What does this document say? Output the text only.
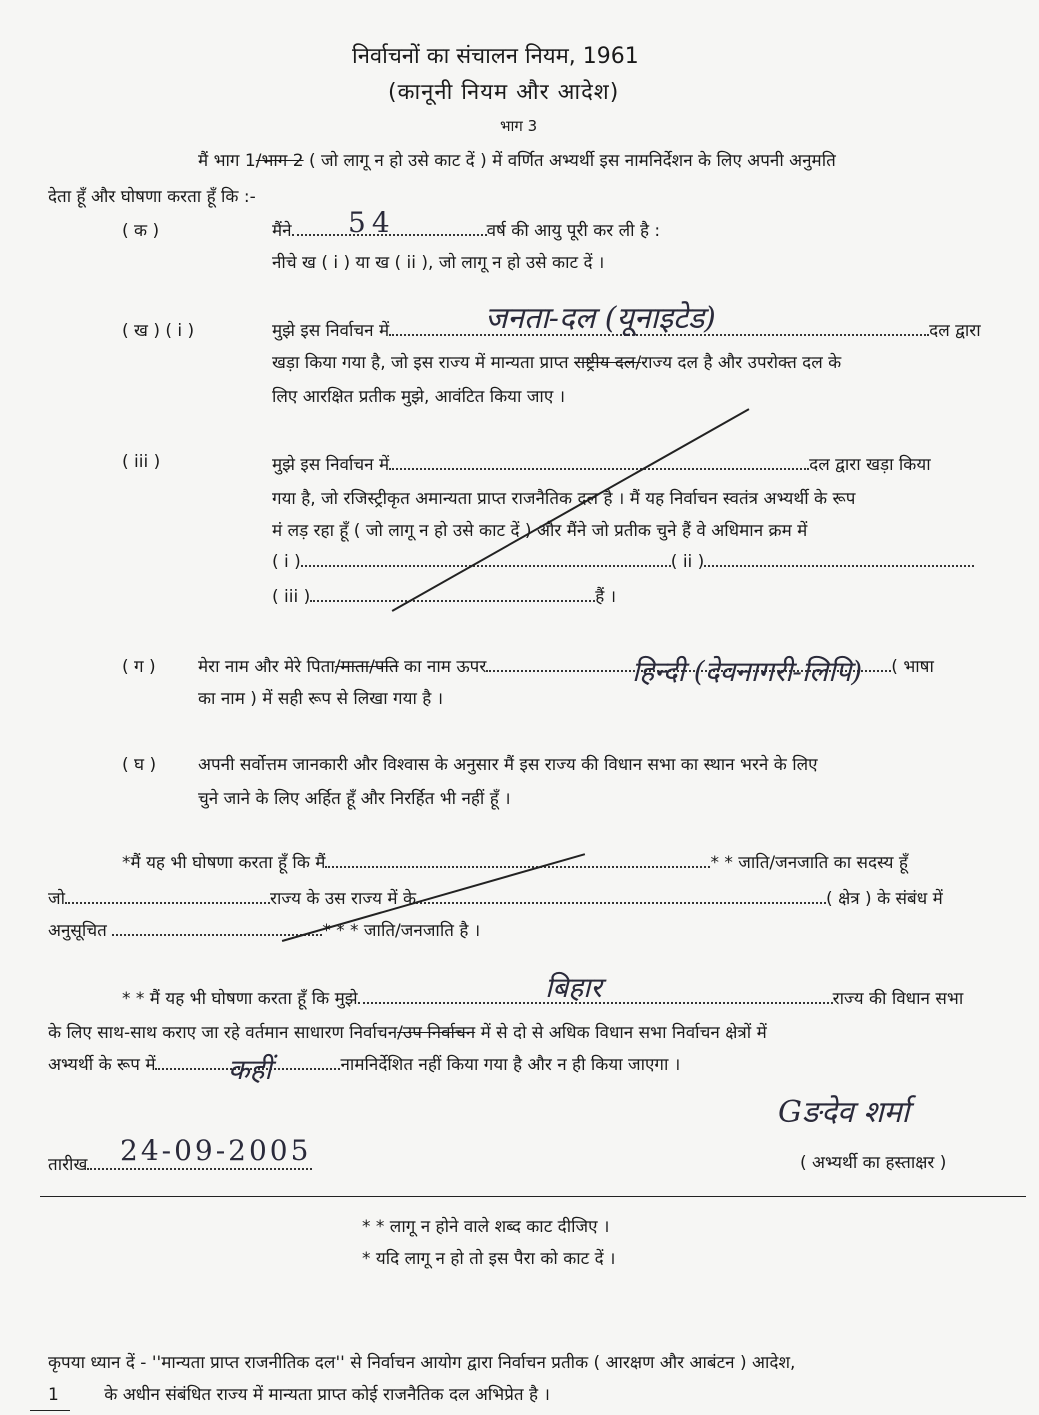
निर्वाचनों का संचालन नियम, 1961
(कानूनी नियम और आदेश)
भाग 3
मैं भाग 1/भाग 2 ( जो लागू न हो उसे काट दें ) में वर्णित अभ्यर्थी इस नामनिर्देशन के लिए अपनी अनुमति
देता हूँ और घोषणा करता हूँ कि :-
( क )	मैंने	वर्ष की आयु पूरी कर ली है :
54
नीचे ख ( i ) या ख ( ii ), जो लागू न हो उसे काट दें ।
( ख ) ( i )	मुझे इस निर्वाचन में	दल द्वारा
जनता-दल (यूनाइटेड)
खड़ा किया गया है, जो इस राज्य में मान्यता प्राप्त राष्ट्रीय दल/राज्य दल है और उपरोक्त दल के
लिए आरक्षित प्रतीक मुझे, आवंटित किया जाए ।
( iii )	मुझे इस निर्वाचन में	दल द्वारा खड़ा किया
गया है, जो रजिस्ट्रीकृत अमान्यता प्राप्त राजनैतिक दल है । मैं यह निर्वाचन स्वतंत्र अभ्यर्थी के रूप
मं लड़ रहा हूँ ( जो लागू न हो उसे काट दें ) और मैंने जो प्रतीक चुने हैं वे अधिमान क्रम में
( i )	( ii )
( iii )	हैं ।
( ग ) मेरा नाम और मेरे पिता/माता/पति का नाम ऊपर	( भाषा
हिन्दी (देवनागरी-लिपि)
का नाम ) में सही रूप से लिखा गया है ।
( घ ) अपनी सर्वोत्तम जानकारी और विश्वास के अनुसार मैं इस राज्य की विधान सभा का स्थान भरने के लिए
चुने जाने के लिए अर्हित हूँ और निरर्हित भी नहीं हूँ ।
*मैं यह भी घोषणा करता हूँ कि मैं	* * जाति/जनजाति का सदस्य हूँ
जो	राज्य के उस राज्य में के	( क्षेत्र ) के संबंध में
अनुसूचित	* * * जाति/जनजाति है ।
* * मैं यह भी घोषणा करता हूँ कि मुझे	राज्य की विधान सभा
बिहार
के लिए साथ-साथ कराए जा रहे वर्तमान साधारण निर्वाचन/उप निर्वाचन में से दो से अधिक विधान सभा निर्वाचन क्षेत्रों में
अभ्यर्थी के रूप में	नामनिर्देशित नहीं किया गया है और न ही किया जाएगा ।
कहीं
Gङदेव शर्मा
तारीख	24-09-2005	( अभ्यर्थी का हस्ताक्षर )
* * लागू न होने वाले शब्द काट दीजिए ।
* यदि लागू न हो तो इस पैरा को काट दें ।
कृपया ध्यान दें - ''मान्यता प्राप्त राजनीतिक दल'' से निर्वाचन आयोग द्वारा निर्वाचन प्रतीक ( आरक्षण और आबंटन ) आदेश,
1	के अधीन संबंधित राज्य में मान्यता प्राप्त कोई राजनैतिक दल अभिप्रेत है ।
